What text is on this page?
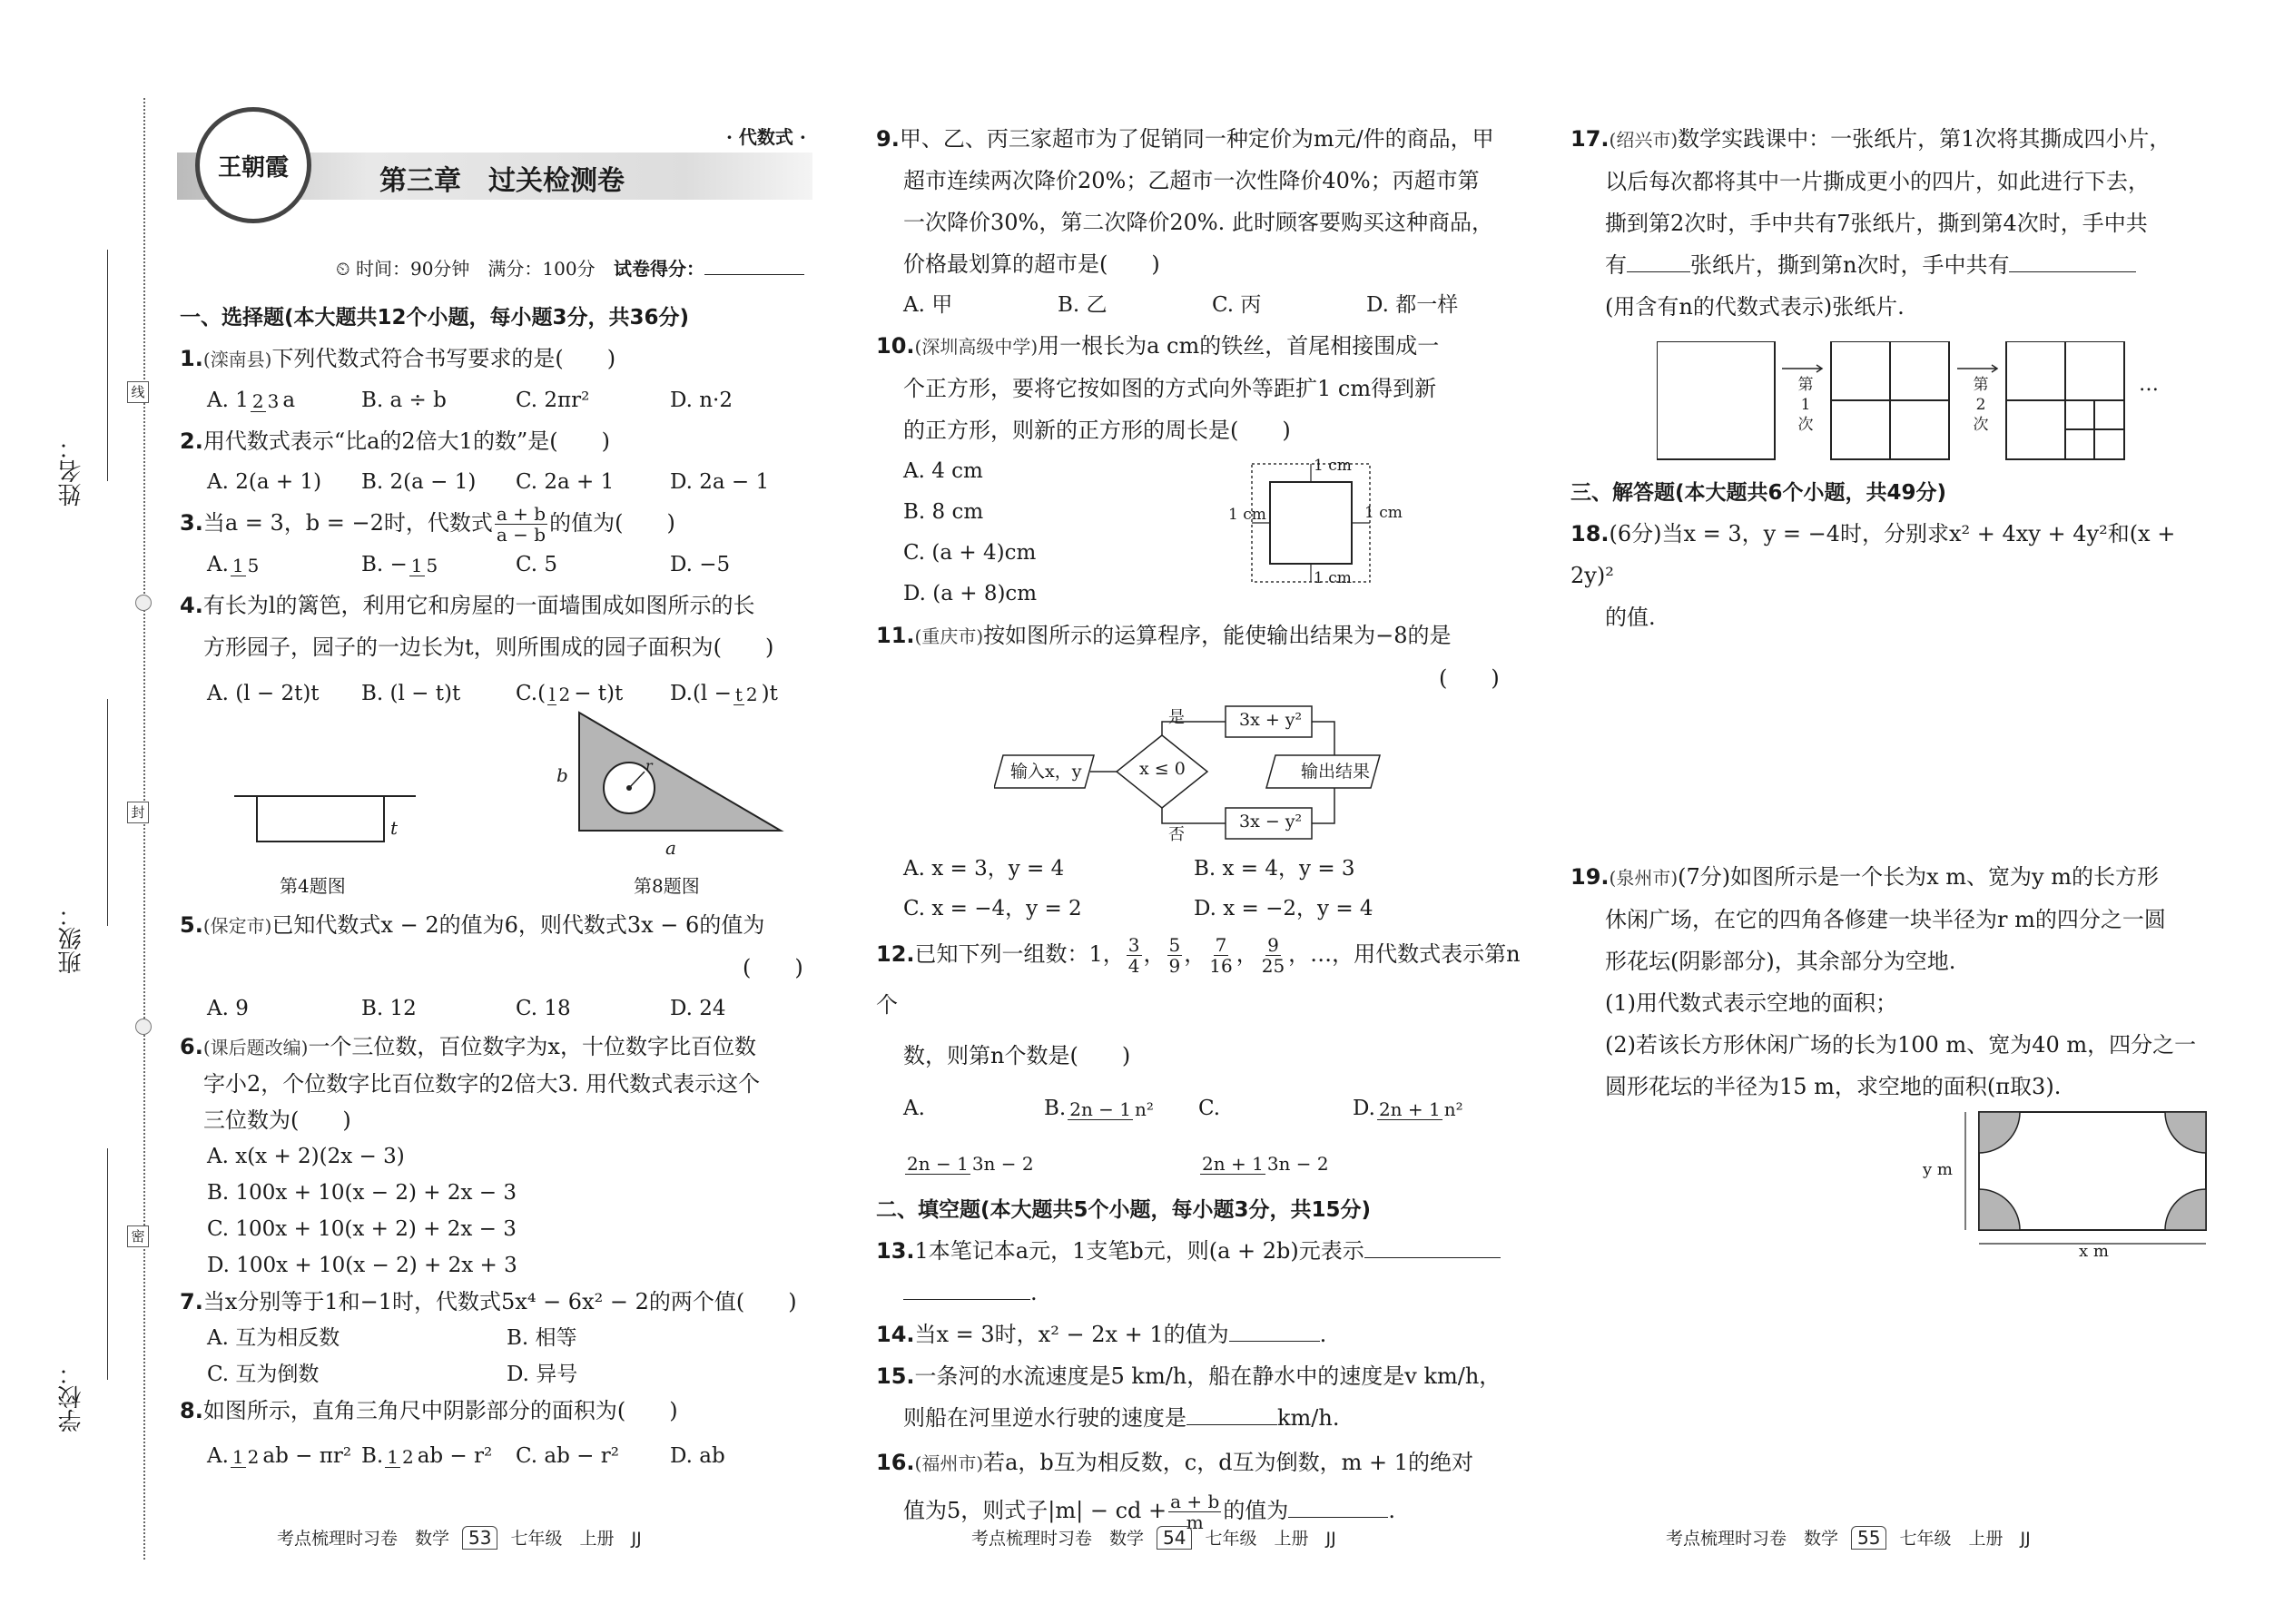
姓名：
班级：
学校：
线
封
密
王朝霞
· 代数式 ·
第三章　过关检测卷
⏲ 时间：90分钟　满分：100分 试卷得分：
一、选择题(本大题共12个小题，每小题3分，共36分)
1.(滦南县)下列代数式符合书写要求的是(　　)
A. 1 2 3 a	B. a ÷ b	C. 2πr²	D. n·2
2.用代数式表示“比a的2倍大1的数”是(　　)
A. 2(a + 1)	B. 2(a − 1)	C. 2a + 1	D. 2a − 1
3.当a = 3，b = −2时，代数式 $\frac{a + b}{a - b}$ 的值为(　　)
A. 1 5	B. − 1 5	C. 5	D. −5
4.有长为l的篱笆，利用它和房屋的一面墙围成如图所示的长
方形园子，园子的一边长为t，则所围成的园子面积为(　　)
A. (l − 2t)t	B. (l − t)t	C.( l 2 − t)t	D.(l − t 2 )t
t
第4题图
b	r
a
第8题图
5.(保定市)已知代数式x − 2的值为6，则代数式3x − 6的值为
(　　)
A. 9	B. 12	C. 18	D. 24
6.(课后题改编)一个三位数，百位数字为x，十位数字比百位数
字小2，个位数字比百位数字的2倍大3. 用代数式表示这个
三位数为(　　)
A. x(x + 2)(2x − 3)
B. 100x + 10(x − 2) + 2x − 3
C. 100x + 10(x + 2) + 2x − 3
D. 100x + 10(x − 2) + 2x + 3
7.当x分别等于1和−1时，代数式5x⁴ − 6x² − 2的两个值(　　)
A. 互为相反数	B. 相等
C. 互为倒数	D. 异号
8.如图所示，直角三角尺中阴影部分的面积为(　　)
A. 1 2 ab − πr² B. 1 2 ab − r²	C. ab − r²	D. ab
9.甲、乙、丙三家超市为了促销同一种定价为m元/件的商品，甲
超市连续两次降价20%；乙超市一次性降价40%；丙超市第
一次降价30%，第二次降价20%. 此时顾客要购买这种商品，
价格最划算的超市是(　　)
A. 甲	B. 乙	C. 丙	D. 都一样
10.(深圳高级中学)用一根长为a cm的铁丝，首尾相接围成一
个正方形，要将它按如图的方式向外等距扩1 cm得到新
的正方形，则新的正方形的周长是(　　)
A. 4 cm
B. 8 cm
C. (a + 4)cm
D. (a + 8)cm
1 cm
1 cm	1 cm
1 cm
11.(重庆市)按如图所示的运算程序，能使输出结果为−8的是
(　　)
输入x，y	x ≤ 0
是
否
3x + y²
3x − y²
输出结果
A. x = 3，y = 4	B. x = 4，y = 3
C. x = −4，y = 2	D. x = −2，y = 4
12.已知下列一组数：1， $\frac{3}{4}$ ， $\frac{5}{9}$ ， $\frac{7}{16}$ ， $\frac{9}{25}$ ，…，用代数式表示第n个
数，则第n个数是(　　)
A.2n − 1 3n − 2
B. 2n − 1 n²	C.2n + 1 3n − 2
D. 2n + 1 n²
二、填空题(本大题共5个小题，每小题3分，共15分)
13.1本笔记本a元，1支笔b元，则(a + 2b)元表示
.
14.当x = 3时，x² − 2x + 1的值为	.
15.一条河的水流速度是5 km/h，船在静水中的速度是v km/h，
则船在河里逆水行驶的速度是	km/h.
16.(福州市)若a，b互为相反数，c，d互为倒数，m + 1的绝对
值为5，则式子|m| − cd + $\frac{a + b}{m}$ 的值为	.
17.(绍兴市)数学实践课中：一张纸片，第1次将其撕成四小片，
以后每次都将其中一片撕成更小的四片，如此进行下去，
撕到第2次时，手中共有7张纸片，撕到第4次时，手中共
有	张纸片，撕到第n次时，手中共有
(用含有n的代数式表示)张纸片.
第1次
第2次
…
三、解答题(本大题共6个小题，共49分)
18.(6分)当x = 3，y = −4时，分别求x² + 4xy + 4y²和(x + 2y)²
的值.
19.(泉州市)(7分)如图所示是一个长为x m、宽为y m的长方形
休闲广场，在它的四角各修建一块半径为r m的四分之一圆
形花坛(阴影部分)，其余部分为空地.
(1)用代数式表示空地的面积；
(2)若该长方形休闲广场的长为100 m、宽为40 m，四分之一
圆形花坛的半径为15 m，求空地的面积(π取3).
y m
x m
考点梳理时习卷　数学 53 七年级　上册　JJ	考点梳理时习卷　数学 54 七年级　上册　JJ	考点梳理时习卷　数学 55 七年级　上册　JJ
